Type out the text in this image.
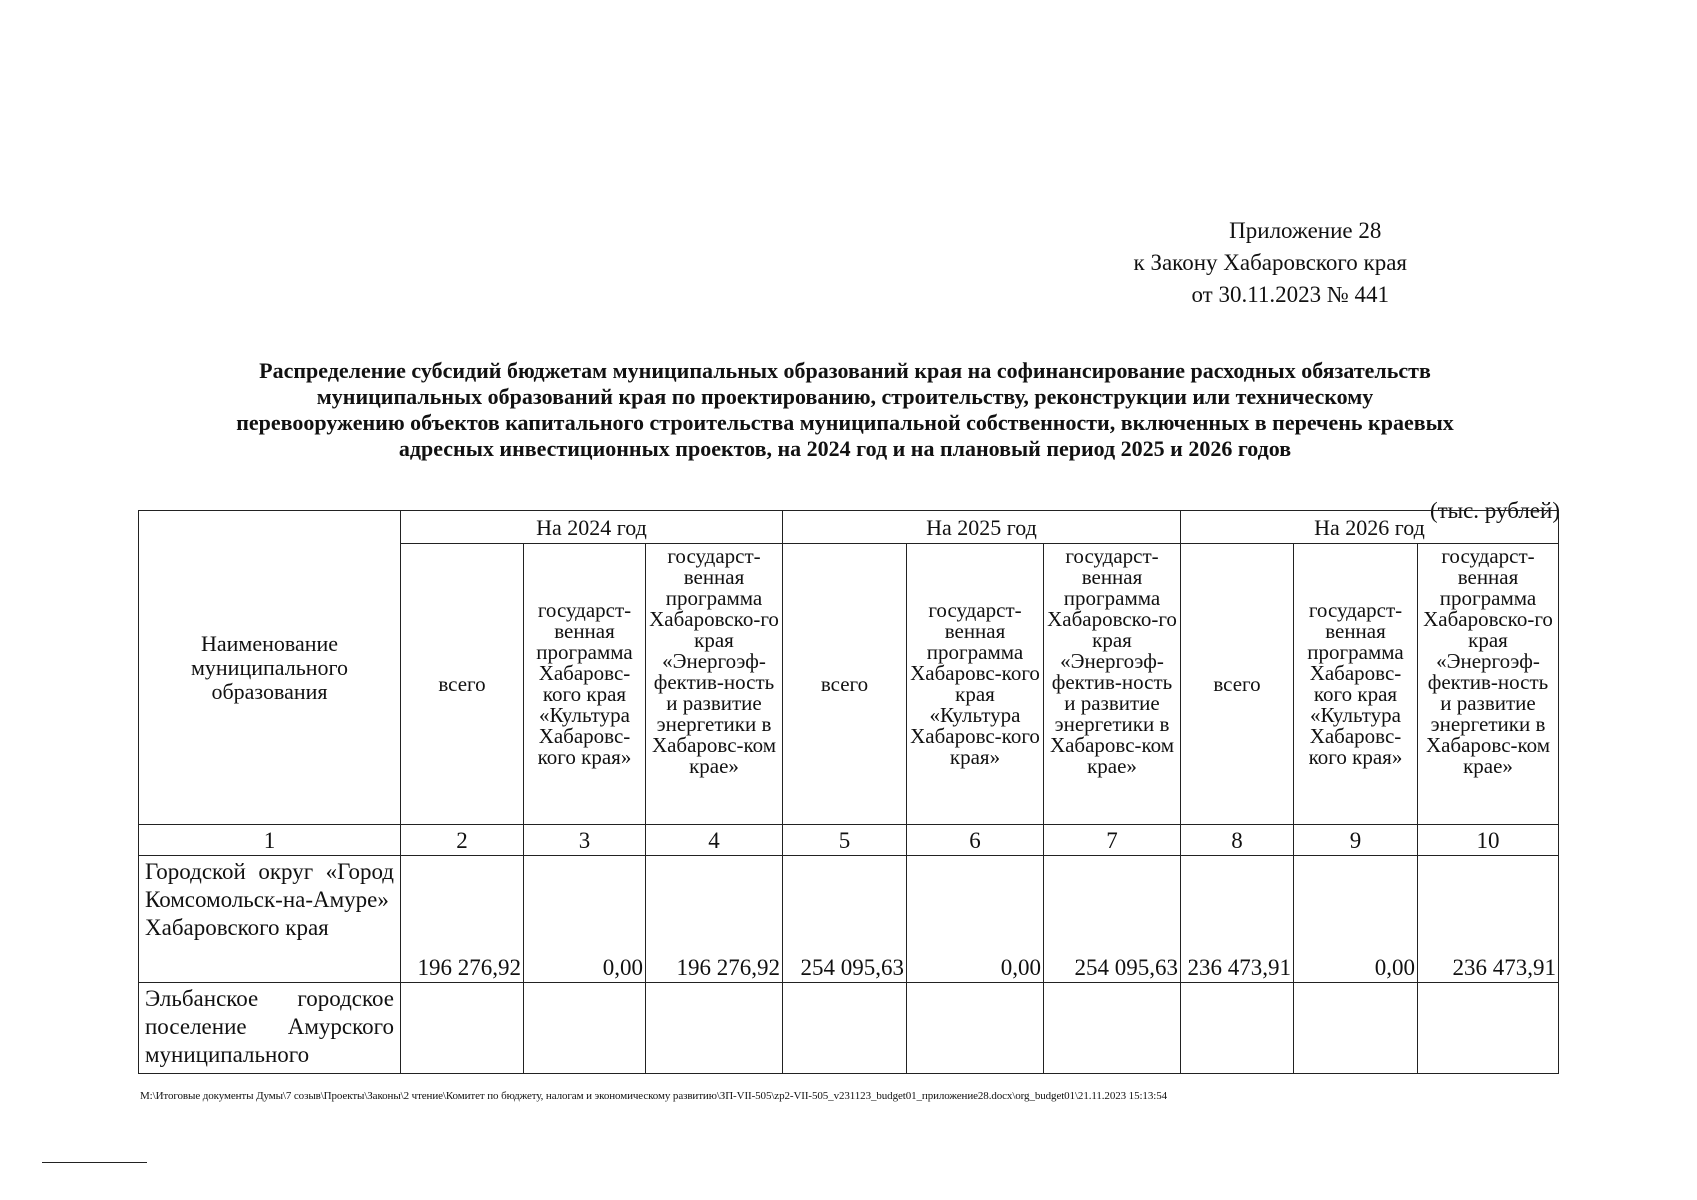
Приложение 28
к Закону Хабаровского края
от 30.11.2023 № 441
Распределение субсидий бюджетам муниципальных образований края на софинансирование расходных обязательств
муниципальных образований края по проектированию, строительству, реконструкции или техническому
перевооружению объектов капитального строительства муниципальной собственности, включенных в перечень краевых
адресных инвестиционных проектов, на 2024 год и на плановый период 2025 и 2026 годов
(тыс. рублей)
Наименование муниципального образования	На 2024 год			На 2025 год			На 2026 год		
	всего	государст-венная программа Хабаровс-кого края «Культура Хабаровс-кого края»	государст-венная программа Хабаровско-го края «Энергоэф-фектив-ность и развитие энергетики в Хабаровс-ком крае»	всего	государст-венная программа Хабаровс-кого края «Культура Хабаровс-кого края»	государст-венная программа Хабаровско-го края «Энергоэф-фектив-ность и развитие энергетики в Хабаровс-ком крае»	всего	государст-венная программа Хабаровс-кого края «Культура Хабаровс-кого края»	государст-венная программа Хабаровско-го края «Энергоэф-фектив-ность и развитие энергетики в Хабаровс-ком крае»
1	2	3	4	5	6	7	8	9	10
Городской округ «Город Комсомольск-на-Амуре» Хабаровского края	196 276,92	0,00	196 276,92	254 095,63	0,00	254 095,63	236 473,91	0,00	236 473,91
Эльбанское городское поселение Амурского муниципального									
M:\Итоговые документы Думы\7 созыв\Проекты\Законы\2 чтение\Комитет по бюджету, налогам и экономическому развитию\ЗП-VII-505\zp2-VII-505_v231123_budget01_приложение28.docx\org_budget01\21.11.2023 15:13:54
